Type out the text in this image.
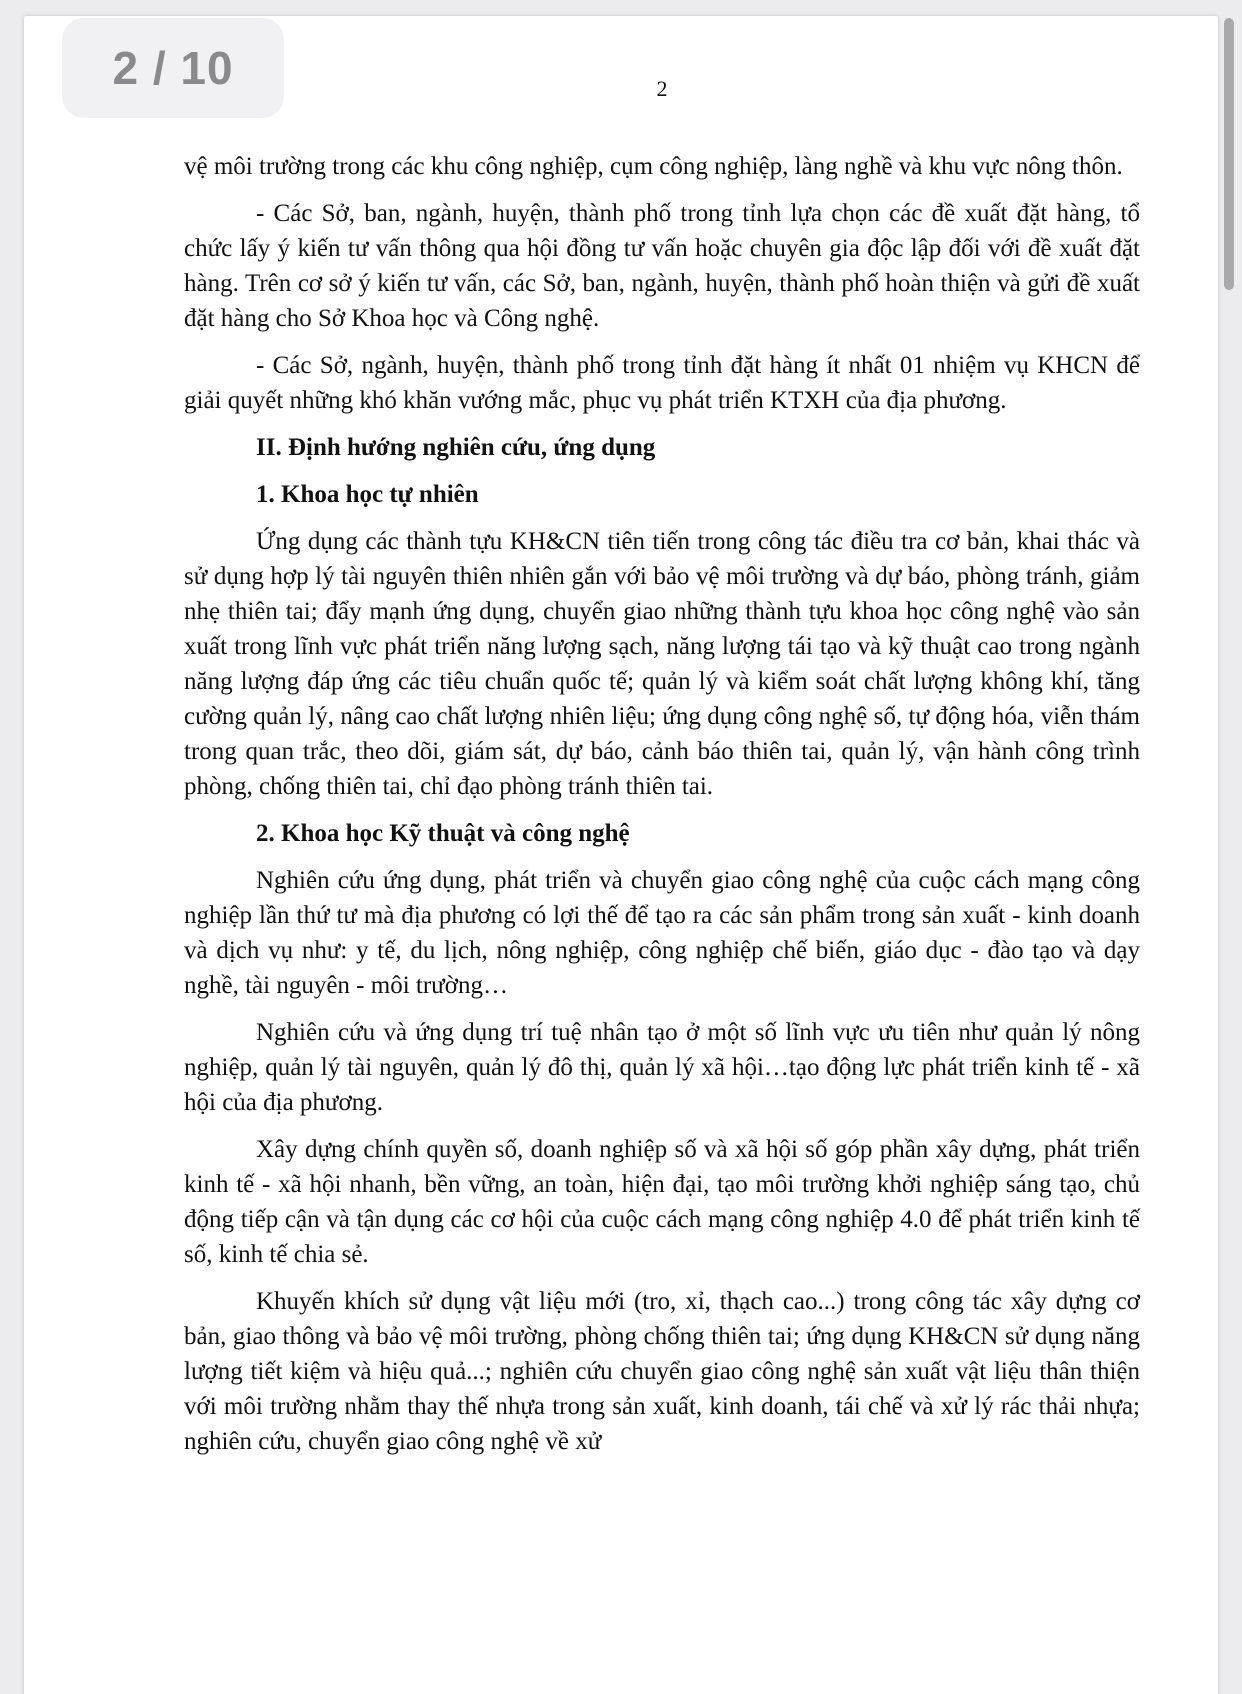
2

vệ môi trường trong các khu công nghiệp, cụm công nghiệp, làng nghề và khu vực nông thôn.

- Các Sở, ban, ngành, huyện, thành phố trong tỉnh lựa chọn các đề xuất đặt hàng, tổ chức lấy ý kiến tư vấn thông qua hội đồng tư vấn hoặc chuyên gia độc lập đối với đề xuất đặt hàng. Trên cơ sở ý kiến tư vấn, các Sở, ban, ngành, huyện, thành phố hoàn thiện và gửi đề xuất đặt hàng cho Sở Khoa học và Công nghệ.

- Các Sở, ngành, huyện, thành phố trong tỉnh đặt hàng ít nhất 01 nhiệm vụ KHCN để giải quyết những khó khăn vướng mắc, phục vụ phát triển KTXH của địa phương.

II. Định hướng nghiên cứu, ứng dụng
1. Khoa học tự nhiên

Ứng dụng các thành tựu KH&CN tiên tiến trong công tác điều tra cơ bản, khai thác và sử dụng hợp lý tài nguyên thiên nhiên gắn với bảo vệ môi trường và dự báo, phòng tránh, giảm nhẹ thiên tai; đẩy mạnh ứng dụng, chuyển giao những thành tựu khoa học công nghệ vào sản xuất trong lĩnh vực phát triển năng lượng sạch, năng lượng tái tạo và kỹ thuật cao trong ngành năng lượng đáp ứng các tiêu chuẩn quốc tế; quản lý và kiểm soát chất lượng không khí, tăng cường quản lý, nâng cao chất lượng nhiên liệu; ứng dụng công nghệ số, tự động hóa, viễn thám trong quan trắc, theo dõi, giám sát, dự báo, cảnh báo thiên tai, quản lý, vận hành công trình phòng, chống thiên tai, chỉ đạo phòng tránh thiên tai.

2. Khoa học Kỹ thuật và công nghệ

Nghiên cứu ứng dụng, phát triển và chuyển giao công nghệ của cuộc cách mạng công nghiệp lần thứ tư mà địa phương có lợi thế để tạo ra các sản phẩm trong sản xuất - kinh doanh và dịch vụ như: y tế, du lịch, nông nghiệp, công nghiệp chế biến, giáo dục - đào tạo và dạy nghề, tài nguyên - môi trường…

Nghiên cứu và ứng dụng trí tuệ nhân tạo ở một số lĩnh vực ưu tiên như quản lý nông nghiệp, quản lý tài nguyên, quản lý đô thị, quản lý xã hội…tạo động lực phát triển kinh tế - xã hội của địa phương.

Xây dựng chính quyền số, doanh nghiệp số và xã hội số góp phần xây dựng, phát triển kinh tế - xã hội nhanh, bền vững, an toàn, hiện đại, tạo môi trường khởi nghiệp sáng tạo, chủ động tiếp cận và tận dụng các cơ hội của cuộc cách mạng công nghiệp 4.0 để phát triển kinh tế số, kinh tế chia sẻ.

Khuyến khích sử dụng vật liệu mới (tro, xỉ, thạch cao...) trong công tác xây dựng cơ bản, giao thông và bảo vệ môi trường, phòng chống thiên tai; ứng dụng KH&CN sử dụng năng lượng tiết kiệm và hiệu quả...; nghiên cứu chuyển giao công nghệ sản xuất vật liệu thân thiện với môi trường nhằm thay thế nhựa trong sản xuất, kinh doanh, tái chế và xử lý rác thải nhựa; nghiên cứu, chuyển giao công nghệ về xử

2 / 10
